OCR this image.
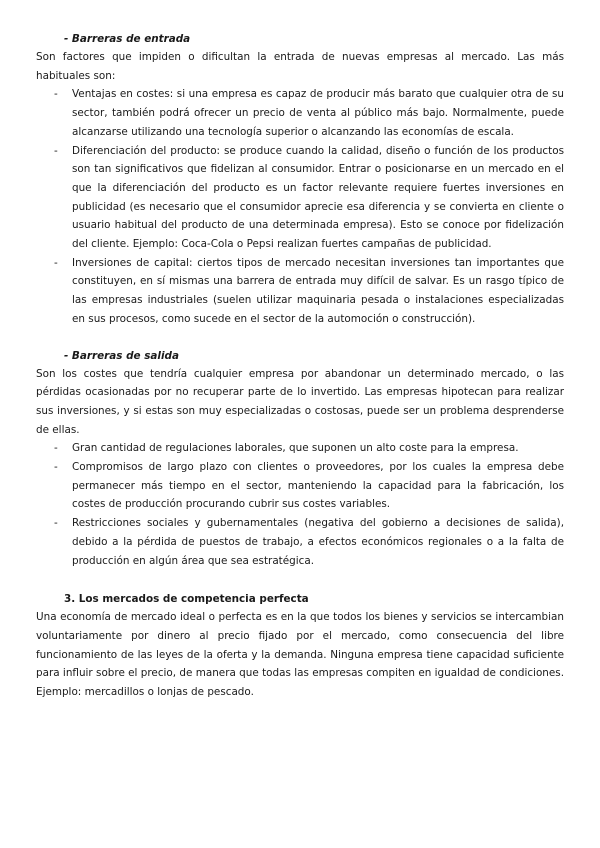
- Barreras de entrada

Son factores que impiden o dificultan la entrada de nuevas empresas al mercado. Las más habituales son:

- Ventajas en costes: si una empresa es capaz de producir más barato que cualquier otra de su sector, también podrá ofrecer un precio de venta al público más bajo. Normalmente, puede alcanzarse utilizando una tecnología superior o alcanzando las economías de escala.
- Diferenciación del producto: se produce cuando la calidad, diseño o función de los productos son tan significativos que fidelizan al consumidor. Entrar o posicionarse en un mercado en el que la diferenciación del producto es un factor relevante requiere fuertes inversiones en publicidad (es necesario que el consumidor aprecie esa diferencia y se convierta en cliente o usuario habitual del producto de una determinada empresa). Esto se conoce por fidelización del cliente. Ejemplo: Coca-Cola o Pepsi realizan fuertes campañas de publicidad.
- Inversiones de capital: ciertos tipos de mercado necesitan inversiones tan importantes que constituyen, en sí mismas una barrera de entrada muy difícil de salvar. Es un rasgo típico de las empresas industriales (suelen utilizar maquinaria pesada o instalaciones especializadas en sus procesos, como sucede en el sector de la automoción o construcción).
- Barreras de salida

Son los costes que tendría cualquier empresa por abandonar un determinado mercado, o las pérdidas ocasionadas por no recuperar parte de lo invertido. Las empresas hipotecan para realizar sus inversiones, y si estas son muy especializadas o costosas, puede ser un problema desprenderse de ellas.

- Gran cantidad de regulaciones laborales, que suponen un alto coste para la empresa.
- Compromisos de largo plazo con clientes o proveedores, por los cuales la empresa debe permanecer más tiempo en el sector, manteniendo la capacidad para la fabricación, los costes de producción procurando cubrir sus costes variables.
- Restricciones sociales y gubernamentales (negativa del gobierno a decisiones de salida), debido a la pérdida de puestos de trabajo, a efectos económicos regionales o a la falta de producción en algún área que sea estratégica.
3. Los mercados de competencia perfecta

Una economía de mercado ideal o perfecta es en la que todos los bienes y servicios se intercambian voluntariamente por dinero al precio fijado por el mercado, como consecuencia del libre funcionamiento de las leyes de la oferta y la demanda. Ninguna empresa tiene capacidad suficiente para influir sobre el precio, de manera que todas las empresas compiten en igualdad de condiciones. Ejemplo: mercadillos o lonjas de pescado.
